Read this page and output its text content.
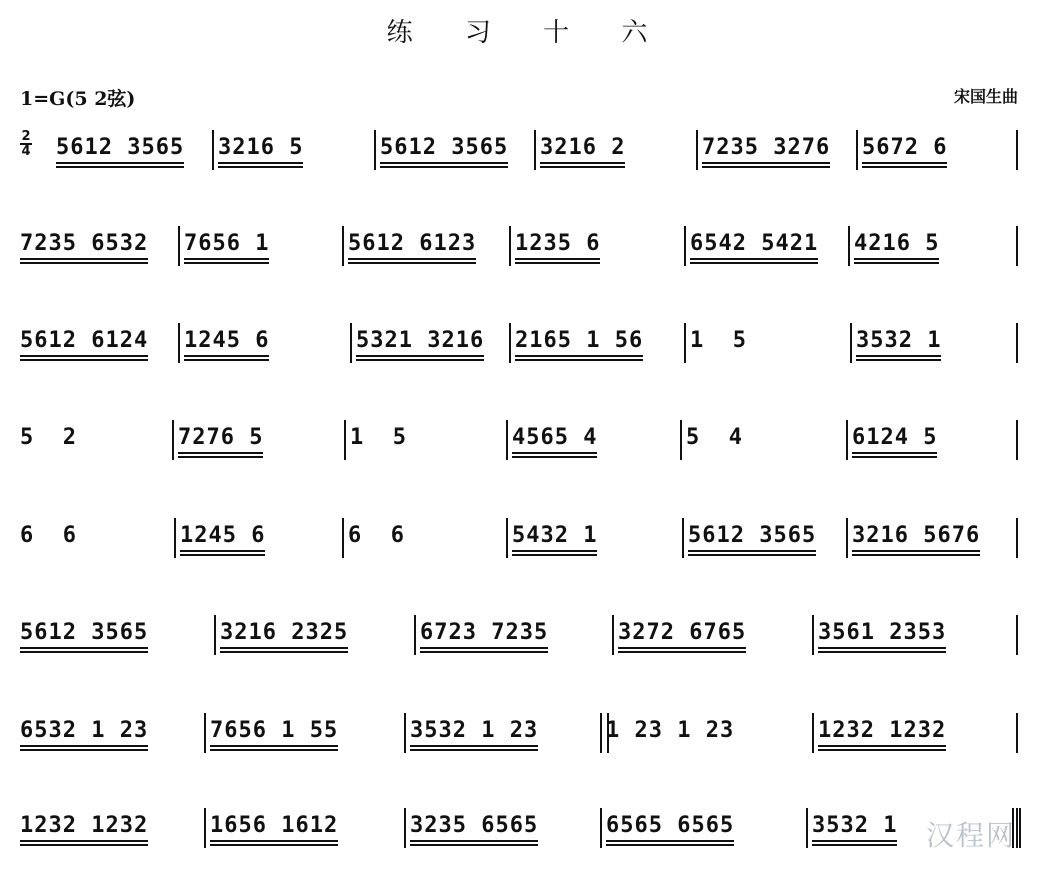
练 习 十 六
1=G(5 2弦)	宋国生曲
2
4 5612 3565	3216 5	5612 3565	3216 2	7235 3276	5672 6
7235 6532	7656 1	5612 6123	1235 6	6542 5421	4216 5
5612 6124	1245 6	5321 3216	2165 1 56	1  5	3532 1
5  2	7276 5	1  5	4565 4	5  4	6124 5
6  6	1245 6	6  6	5432 1	5612 3565	3216 5676
5612 3565	3216 2325	6723 7235	3272 6765	3561 2353
6532 1 23	7656 1 55	3532 1 23	1 23 1 23	1232 1232
1232 1232	1656 1612	3235 6565	6565 6565	3532 1	汉程网
